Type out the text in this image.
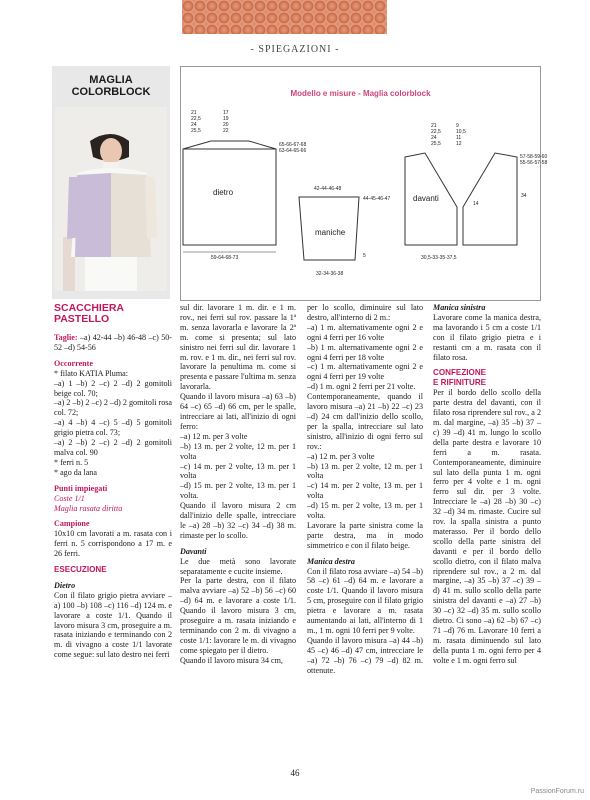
- SPIEGAZIONI -
MAGLIA
COLORBLOCK	Modello e misure - Maglia colorblock
21
22,5
24
25,5
17
19
20
22
65-66-67-68
63-64-65-66
59-64-68-73
dietro	42-44-46-48
44-45-46-47
5
32-34-36-38
maniche
21
22,5
24
25,5
9
10,5
11
12
57-58-59-60
55-56-57-58
14
34
30,5-33-35-37,5
davanti

SCACCHIERA
PASTELLO

Taglie: –a) 42-44 –b) 46-48 –c) 50-52 –d) 54-56

Occorrente

* filato KATIA Pluma:

–a) 1 –b) 2 –c) 2 –d) 2 gomitoli beige col. 70;

–a) 2 –b) 2 –c) 2 –d) 2 gomitoli rosa col. 72;

–a) 4 –b) 4 –c) 5 –d) 5 gomitoli grigio pietra col. 73;

–a) 2 –b) 2 –c) 2 –d) 2 gomitoli malva col. 90

* ferri n. 5

* ago da lana

Punti impiegati

Coste 1/1

Maglia rasata diritta

Campione

10x10 cm lavorati a m. rasata con i ferri n. 5 corrispondono a 17 m. e 26 ferri.

ESECUZIONE

Dietro

Con il filato grigio pietra avviare –a) 100 –b) 108 –c) 116 –d) 124 m. e lavorare a coste 1/1. Quando il lavoro misura 3 cm, proseguire a m. rasata iniziando e terminando con 2 m. di vivagno a coste 1/1 lavorate come segue: sul lato destro nei ferri

sul dir. lavorare 1 m. dir. e 1 m. rov., nei ferri sul rov. passare la 1ª m. senza lavorarla e lavorare la 2ª m. come si presenta; sul lato sinistro nei ferri sul dir. lavorare 1 m. rov. e 1 m. dir., nei ferri sul rov. lavorare la penultima m. come si presenta e passare l'ultima m. senza lavorarla.

Quando il lavoro misura –a) 63 –b) 64 –c) 65 –d) 66 cm, per le spalle, intrecciare ai lati, all'inizio di ogni ferro:

–a) 12 m. per 3 volte

–b) 13 m. per 2 volte, 12 m. per 1 volta

–c) 14 m. per 2 volte, 13 m. per 1 volta

–d) 15 m. per 2 volte, 13 m. per 1 volta.

Quando il lavoro misura 2 cm dall'inizio delle spalle, intrecciare le –a) 28 –b) 32 –c) 34 –d) 38 m. rimaste per lo scollo.

Davanti

Le due metà sono lavorate separatamente e cucite insieme.

Per la parte destra, con il filato malva avviare –a) 52 –b) 56 –c) 60 –d) 64 m. e lavorare a coste 1/1. Quando il lavoro misura 3 cm, proseguire a m. rasata iniziando e terminando con 2 m. di vivagno a coste 1/1: lavorare le m. di vivagno come spiegato per il dietro.

Quando il lavoro misura 34 cm,

per lo scollo, diminuire sul lato destro, all'interno di 2 m.:

–a) 1 m. alternativamente ogni 2 e ogni 4 ferri per 16 volte

–b) 1 m. alternativamente ogni 2 e ogni 4 ferri per 18 volte

–c) 1 m. alternativamente ogni 2 e ogni 4 ferri per 19 volte

–d) 1 m. ogni 2 ferri per 21 volte.

Contemporaneamente, quando il lavoro misura –a) 21 –b) 22 –c) 23 –d) 24 cm dall'inizio dello scollo, per la spalla, intrecciare sul lato sinistro, all'inizio di ogni ferro sul rov.:

–a) 12 m. per 3 volte

–b) 13 m. per 2 volte, 12 m. per 1 volta

–c) 14 m. per 2 volte, 13 m. per 1 volta

–d) 15 m. per 2 volte, 13 m. per 1 volta.

Lavorare la parte sinistra come la parte destra, ma in modo simmetrico e con il filato beige.

Manica destra

Con il filato rosa avviare –a) 54 –b) 58 –c) 61 –d) 64 m. e lavorare a coste 1/1. Quando il lavoro misura 5 cm, proseguire con il filato grigio pietra e lavorare a m. rasata aumentando ai lati, all'interno di 1 m., 1 m. ogni 10 ferri per 9 volte.

Quando il lavoro misura –a) 44 –b) 45 –c) 46 –d) 47 cm, intrecciare le –a) 72 –b) 76 –c) 79 –d) 82 m. ottenute.

Manica sinistra

Lavorare come la manica destra, ma lavorando i 5 cm a coste 1/1 con il filato grigio pietra e i restanti cm a m. rasata con il filato rosa.

CONFEZIONE
E RIFINITURE

Per il bordo dello scollo della parte destra del davanti, con il filato rosa riprendere sul rov., a 2 m. dal margine, –a) 35 –b) 37 –c) 39 –d) 41 m. lungo lo scollo della parte destra e lavorare 10 ferri a m. rasata. Contemporaneamente, diminuire sul lato della punta 1 m. ogni ferro per 4 volte e 1 m. ogni ferro sul dir. per 3 volte. Intrecciare le –a) 28 –b) 30 –c) 32 –d) 34 m. rimaste. Cucire sul rov. la spalla sinistra a punto materasso. Per il bordo dello scollo della parte sinistra del davanti e per il bordo dello scollo dietro, con il filato malva riprendere sul rov., a 2 m. dal margine, –a) 35 –b) 37 –c) 39 –d) 41 m. sullo scollo della parte sinistra del davanti e –a) 27 –b) 30 –c) 32 –d) 35 m. sullo scollo dietro. Ci sono –a) 62 –b) 67 –c) 71 –d) 76 m. Lavorare 10 ferri a m. rasata diminuendo sul lato della punta 1 m. ogni ferro per 4 volte e 1 m. ogni ferro sul

46
PassionForum.ru
